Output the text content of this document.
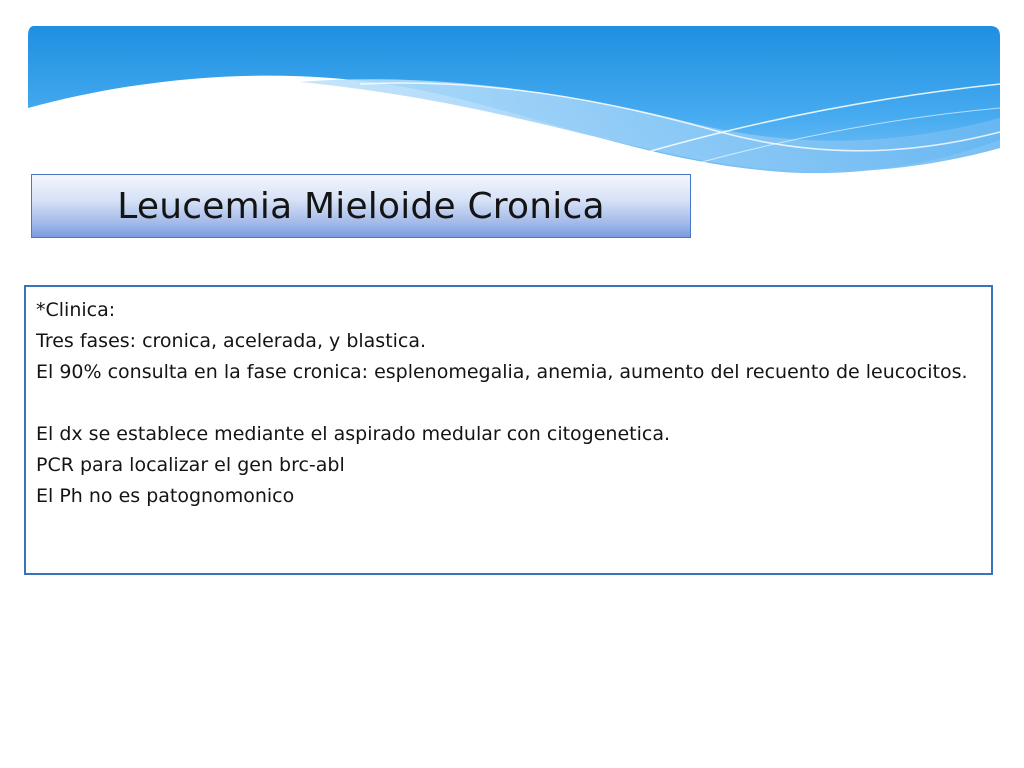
Leucemia Mieloide Cronica

*Clinica:

Tres fases: cronica, acelerada, y blastica.

El 90% consulta en la fase cronica: esplenomegalia, anemia, aumento del recuento de leucocitos.

El dx se establece mediante el aspirado medular con citogenetica.

PCR para localizar el gen brc-abl

El Ph no es patognomonico
